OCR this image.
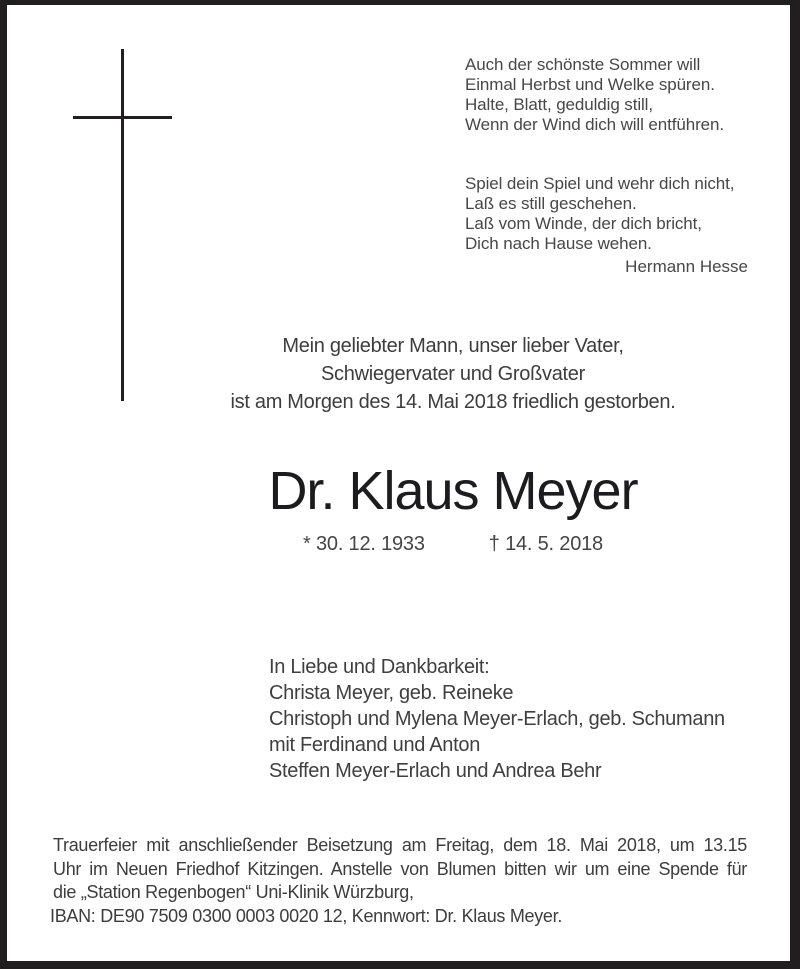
Auch der schönste Sommer will
Einmal Herbst und Welke spüren.
Halte, Blatt, geduldig still,
Wenn der Wind dich will entführen.
Spiel dein Spiel und wehr dich nicht,
Laß es still geschehen.
Laß vom Winde, der dich bricht,
Dich nach Hause wehen.
Hermann Hesse
Mein geliebter Mann, unser lieber Vater,
Schwiegervater und Großvater
ist am Morgen des 14. Mai 2018 friedlich gestorben.
Dr. Klaus Meyer
* 30. 12. 1933	† 14. 5. 2018
In Liebe und Dankbarkeit:
Christa Meyer, geb. Reineke
Christoph und Mylena Meyer-Erlach, geb. Schumann
mit Ferdinand und Anton
Steffen Meyer-Erlach und Andrea Behr
Trauerfeier mit anschließender Beisetzung am Freitag, dem 18. Mai 2018, um 13.15
Uhr im Neuen Friedhof Kitzingen. Anstelle von Blumen bitten wir um eine Spende für
die „Station Regenbogen“ Uni-Klinik Würzburg,
IBAN: DE90 7509 0300 0003 0020 12, Kennwort: Dr. Klaus Meyer.
